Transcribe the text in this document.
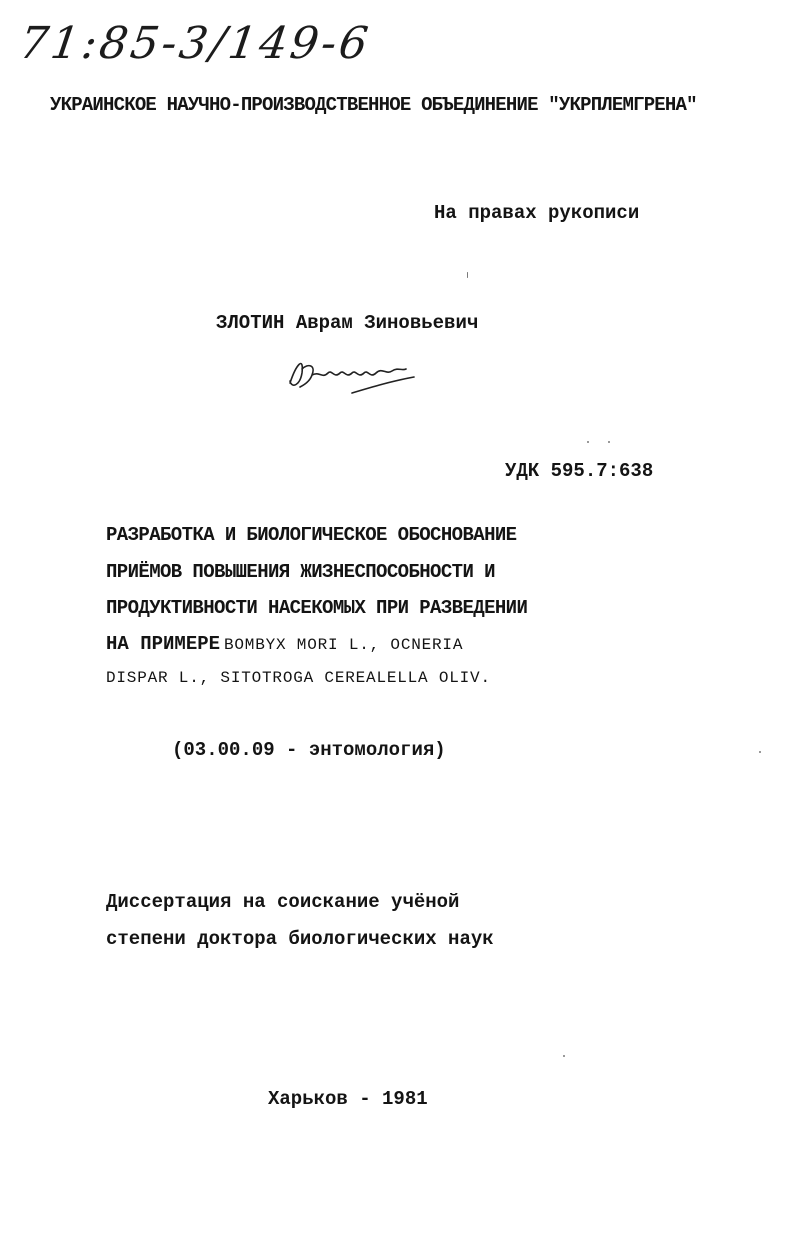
71:85-3/149-6
УКРАИНСКОЕ НАУЧНО-ПРОИЗВОДСТВЕННОЕ ОБЪЕДИНЕНИЕ "УКРПЛЕМГРЕНА"
На правах рукописи
ЗЛОТИН Аврам Зиновьевич
УДК 595.7:638
РАЗРАБОТКА И БИОЛОГИЧЕСКОЕ ОБОСНОВАНИЕ
ПРИЁМОВ ПОВЫШЕНИЯ ЖИЗНЕСПОСОБНОСТИ И
ПРОДУКТИВНОСТИ НАСЕКОМЫХ ПРИ РАЗВЕДЕНИИ
НА ПРИМЕРЕ BOMBYX MORI L., OCNERIA
DISPAR L., SITOTROGA CEREALELLA OLIV.
(03.00.09 - энтомология)
Диссертация на соискание учёной
степени доктора биологических наук
Харьков - 1981
